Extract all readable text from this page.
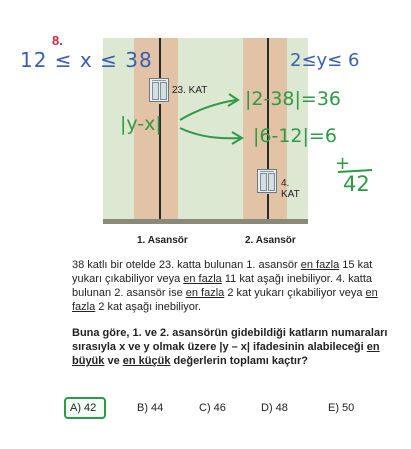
8.
23. KAT
4. KAT
1. Asansör	2. Asansör
12 ≤ x ≤ 38	2≤y≤ 6
|y-x|
|2-38|=36
|6-12|=6
+
42
38 katlı bir otelde 23. katta bulunan 1. asansör en fazla 15 kat yukarı çıkabiliyor veya en fazla 11 kat aşağı inebiliyor. 4. katta bulunan 2. asansör ise en fazla 2 kat yukarı çıkabiliyor veya en fazla 2 kat aşağı inebiliyor.
Buna göre, 1. ve 2. asansörün gidebildiği katların numaraları sırasıyla x ve y olmak üzere |y – x| ifadesinin alabileceği en büyük ve en küçük değerlerin toplamı kaçtır?
A) 42	B) 44	C) 46	D) 48	E) 50
